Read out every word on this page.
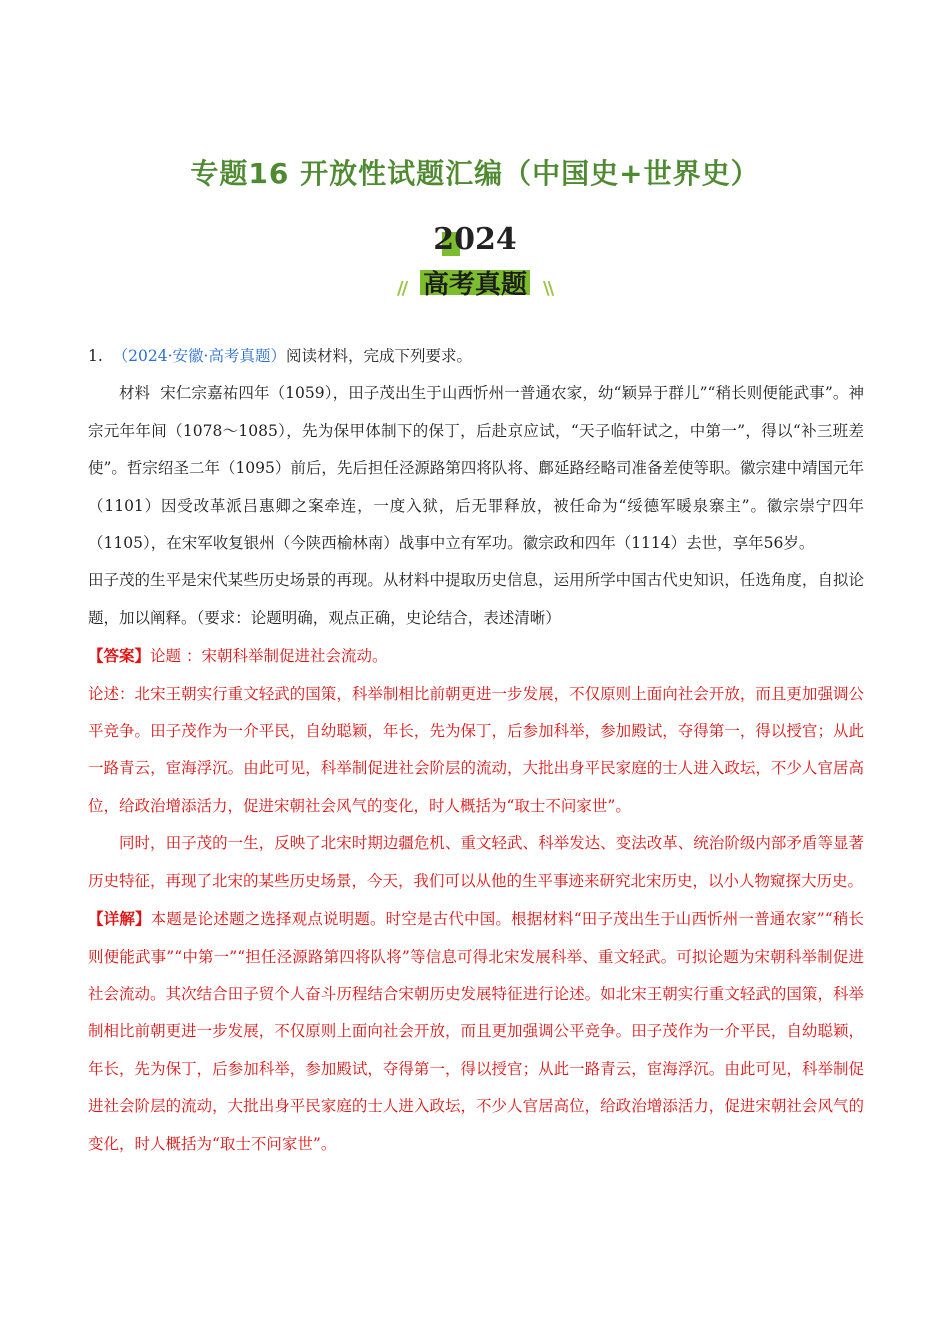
专题16 开放性试题汇编（中国史+世界史）
2024
//	\\
高考真题

1. （2024·安徽·高考真题）阅读材料，完成下列要求。

材料 宋仁宗嘉祐四年（1059），田子茂出生于山西忻州一普通农家，幼“颖异于群儿”“稍长则便能武事”。神宗元年年间（1078～1085），先为保甲体制下的保丁，后赴京应试，“天子临轩试之，中第一”，得以“补三班差使”。哲宗绍圣二年（1095）前后，先后担任泾源路第四将队将、鄜延路经略司准备差使等职。徽宗建中靖国元年（1101）因受改革派吕惠卿之案牵连，一度入狱，后无罪释放，被任命为“绥德军暖泉寨主”。徽宗崇宁四年（1105），在宋军收复银州（今陕西榆林南）战事中立有军功。徽宗政和四年（1114）去世，享年56岁。

田子茂的生平是宋代某些历史场景的再现。从材料中提取历史信息，运用所学中国古代史知识，任选角度，自拟论题，加以阐释。（要求：论题明确，观点正确，史论结合，表述清晰）

【答案】论题 ：宋朝科举制促进社会流动。

论述：北宋王朝实行重文轻武的国策，科举制相比前朝更进一步发展，不仅原则上面向社会开放，而且更加强调公平竞争。田子茂作为一介平民，自幼聪颖，年长，先为保丁，后参加科举，参加殿试，夺得第一，得以授官；从此一路青云，宦海浮沉。由此可见，科举制促进社会阶层的流动，大批出身平民家庭的士人进入政坛，不少人官居高位，给政治增添活力，促进宋朝社会风气的变化，时人概括为“取士不问家世”。

同时，田子茂的一生，反映了北宋时期边疆危机、重文轻武、科举发达、变法改革、统治阶级内部矛盾等显著历史特征，再现了北宋的某些历史场景，今天，我们可以从他的生平事迹来研究北宋历史，以小人物窥探大历史。

【详解】本题是论述题之选择观点说明题。时空是古代中国。根据材料“田子茂出生于山西忻州一普通农家”“稍长则便能武事”“中第一”“担任泾源路第四将队将”等信息可得北宋发展科举、重文轻武。可拟论题为宋朝科举制促进社会流动。其次结合田子贸个人奋斗历程结合宋朝历史发展特征进行论述。如北宋王朝实行重文轻武的国策，科举制相比前朝更进一步发展，不仅原则上面向社会开放，而且更加强调公平竞争。田子茂作为一介平民，自幼聪颖，年长，先为保丁，后参加科举，参加殿试，夺得第一，得以授官；从此一路青云，宦海浮沉。由此可见，科举制促进社会阶层的流动，大批出身平民家庭的士人进入政坛，不少人官居高位，给政治增添活力，促进宋朝社会风气的变化，时人概括为“取士不问家世”。
